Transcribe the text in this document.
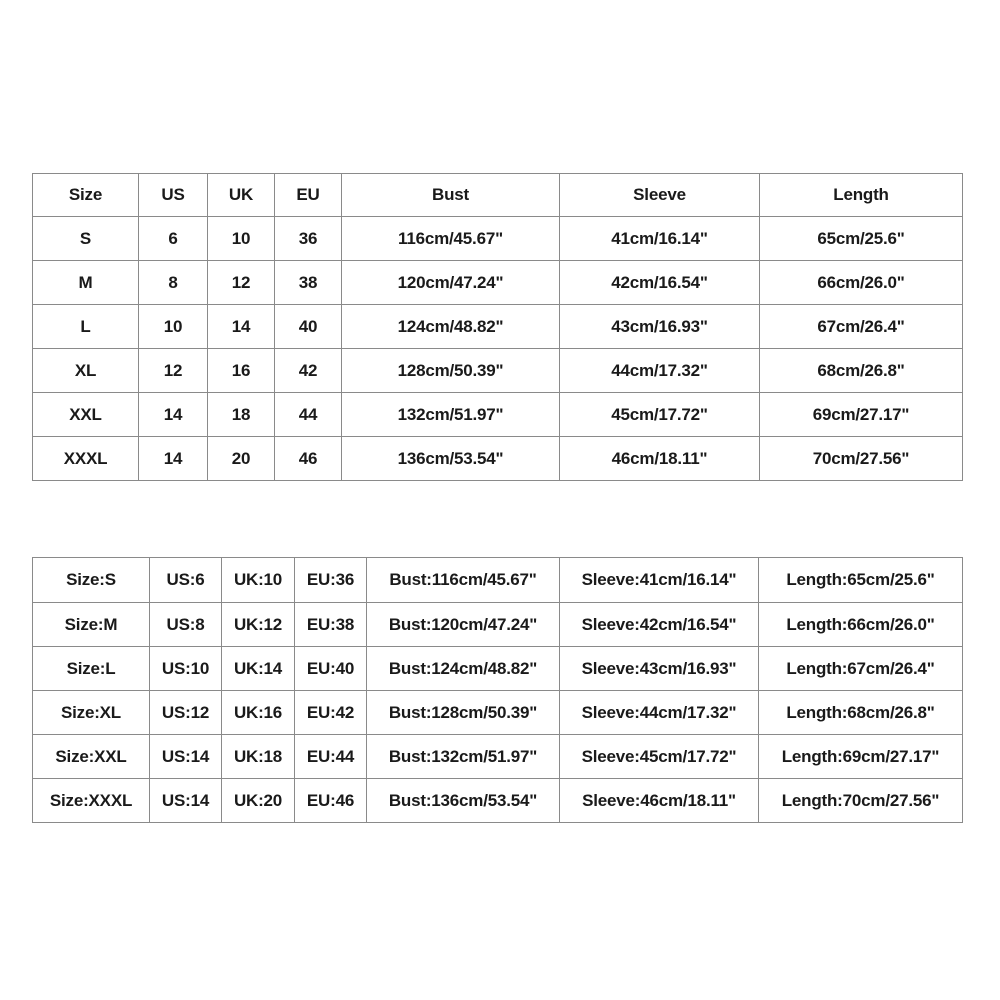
Size	US	UK	EU	Bust	Sleeve	Length
S	6	10	36	116cm/45.67"	41cm/16.14"	65cm/25.6"
M	8	12	38	120cm/47.24"	42cm/16.54"	66cm/26.0"
L	10	14	40	124cm/48.82"	43cm/16.93"	67cm/26.4"
XL	12	16	42	128cm/50.39"	44cm/17.32"	68cm/26.8"
XXL	14	18	44	132cm/51.97"	45cm/17.72"	69cm/27.17"
XXXL	14	20	46	136cm/53.54"	46cm/18.11"	70cm/27.56"
Size:S	US:6	UK:10	EU:36	Bust:116cm/45.67"	Sleeve:41cm/16.14"	Length:65cm/25.6"
Size:M	US:8	UK:12	EU:38	Bust:120cm/47.24"	Sleeve:42cm/16.54"	Length:66cm/26.0"
Size:L	US:10	UK:14	EU:40	Bust:124cm/48.82"	Sleeve:43cm/16.93"	Length:67cm/26.4"
Size:XL	US:12	UK:16	EU:42	Bust:128cm/50.39"	Sleeve:44cm/17.32"	Length:68cm/26.8"
Size:XXL	US:14	UK:18	EU:44	Bust:132cm/51.97"	Sleeve:45cm/17.72"	Length:69cm/27.17"
Size:XXXL	US:14	UK:20	EU:46	Bust:136cm/53.54"	Sleeve:46cm/18.11"	Length:70cm/27.56"
